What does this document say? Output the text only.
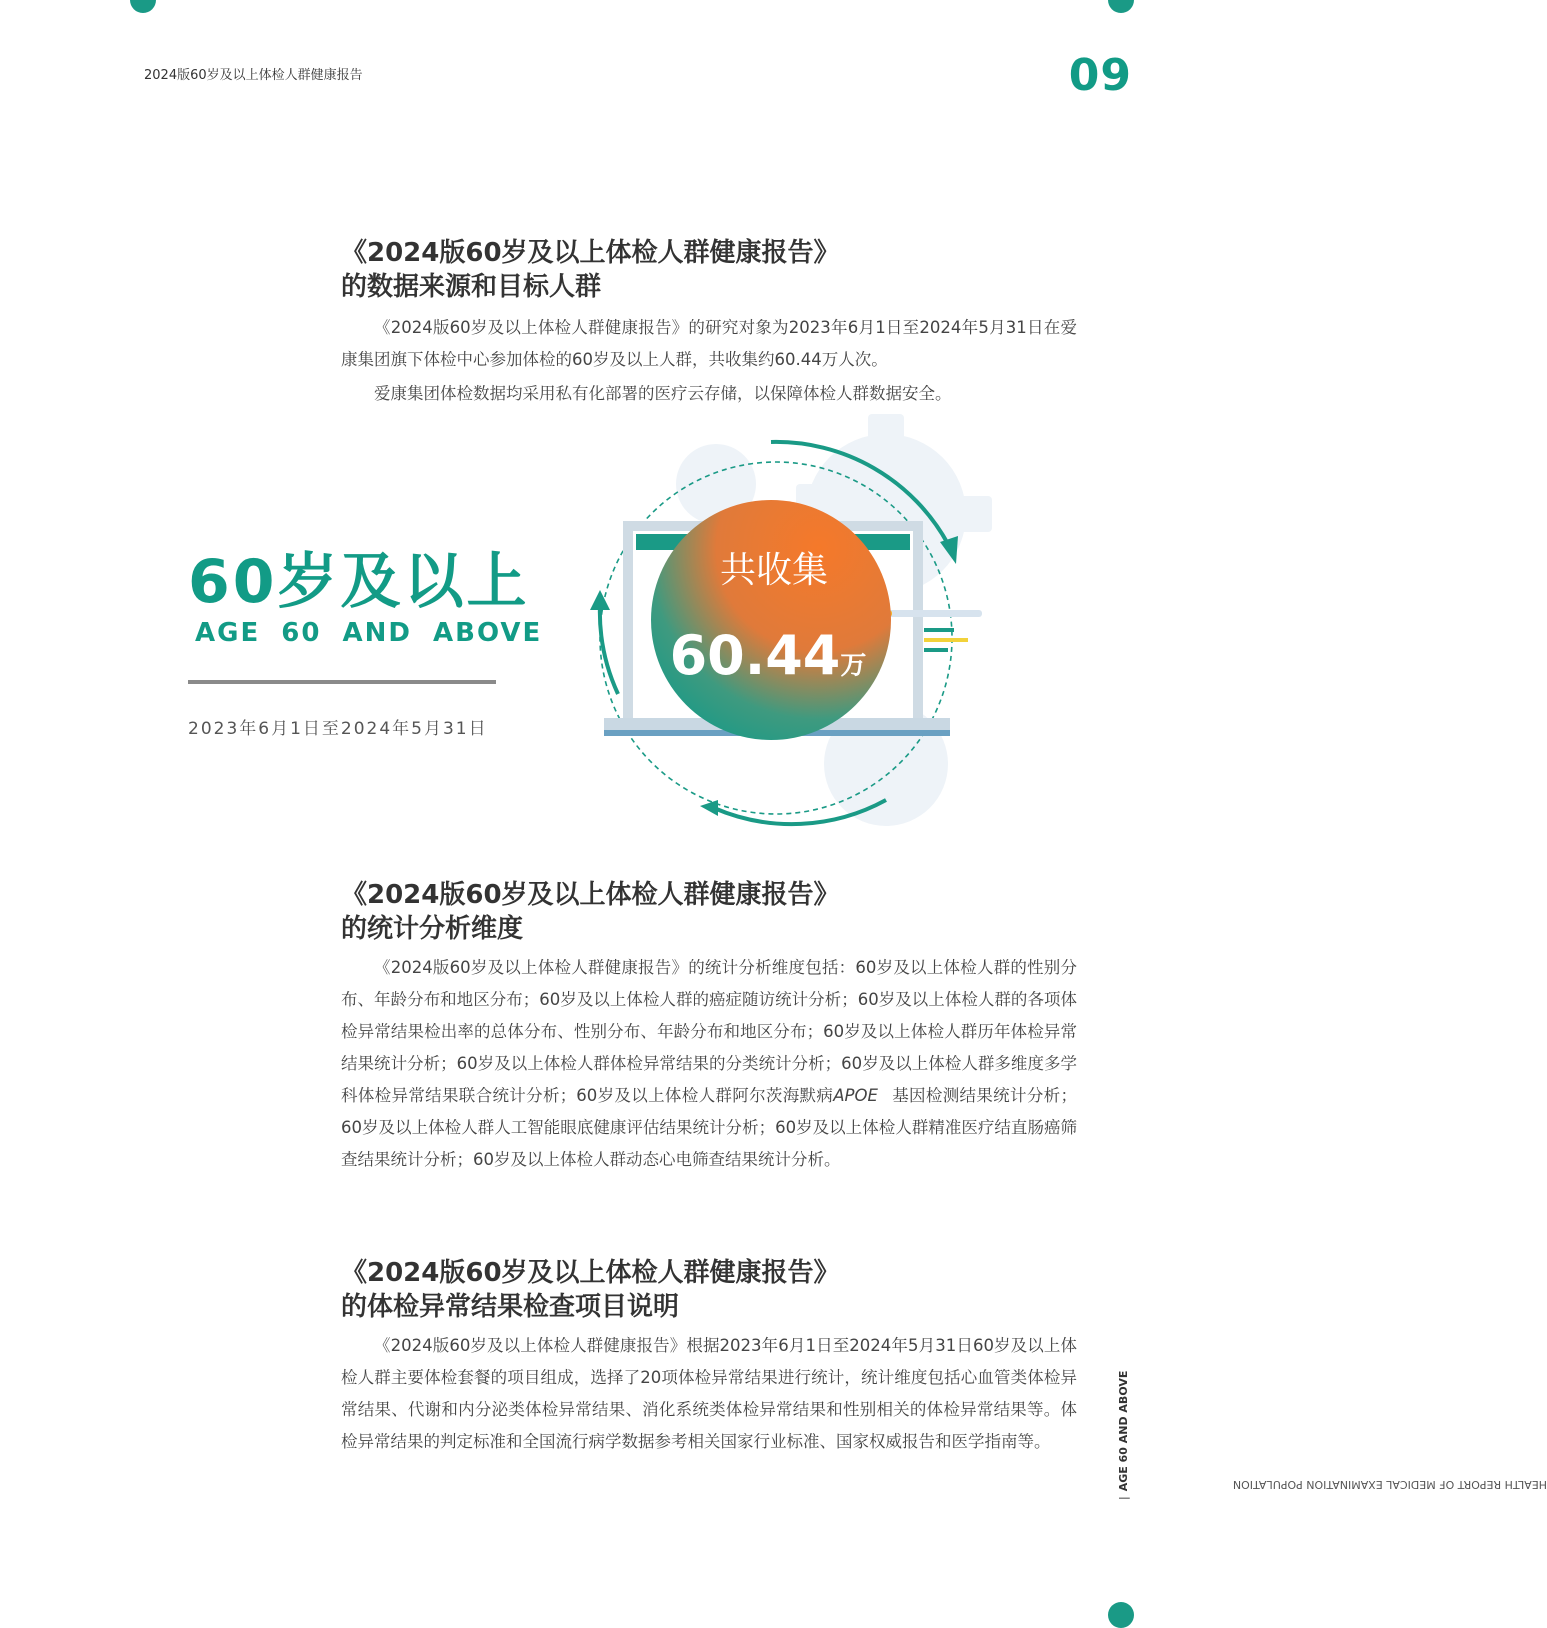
2024版60岁及以上体检人群健康报告	09
《2024版60岁及以上体检人群健康报告》
的数据来源和目标人群

《2024版60岁及以上体检人群健康报告》的研究对象为2023年6月1日至2024年5月31日在爱康集团旗下体检中心参加体检的60岁及以上人群，共收集约60.44万人次。

爱康集团体检数据均采用私有化部署的医疗云存储，以保障体检人群数据安全。

60岁及以上
AGE 60 AND ABOVE
2023年6月1日至2024年5月31日
共收集
60.44万
《2024版60岁及以上体检人群健康报告》
的统计分析维度

《2024版60岁及以上体检人群健康报告》的统计分析维度包括：60岁及以上体检人群的性别分布、年龄分布和地区分布；60岁及以上体检人群的癌症随访统计分析；60岁及以上体检人群的各项体检异常结果检出率的总体分布、性别分布、年龄分布和地区分布；60岁及以上体检人群历年体检异常结果统计分析；60岁及以上体检人群体检异常结果的分类统计分析；60岁及以上体检人群多维度多学科体检异常结果联合统计分析；60岁及以上体检人群阿尔茨海默病APOE 基因检测结果统计分析；60岁及以上体检人群人工智能眼底健康评估结果统计分析；60岁及以上体检人群精准医疗结直肠癌筛查结果统计分析；60岁及以上体检人群动态心电筛查结果统计分析。

《2024版60岁及以上体检人群健康报告》
的体检异常结果检查项目说明

《2024版60岁及以上体检人群健康报告》根据2023年6月1日至2024年5月31日60岁及以上体检人群主要体检套餐的项目组成，选择了20项体检异常结果进行统计，统计维度包括心血管类体检异常结果、代谢和内分泌类体检异常结果、消化系统类体检异常结果和性别相关的体检异常结果等。体检异常结果的判定标准和全国流行病学数据参考相关国家行业标准、国家权威报告和医学指南等。

HEALTH REPORT OF MEDICAL EXAMINATION POPULATION
|AGE 60 AND ABOVE
